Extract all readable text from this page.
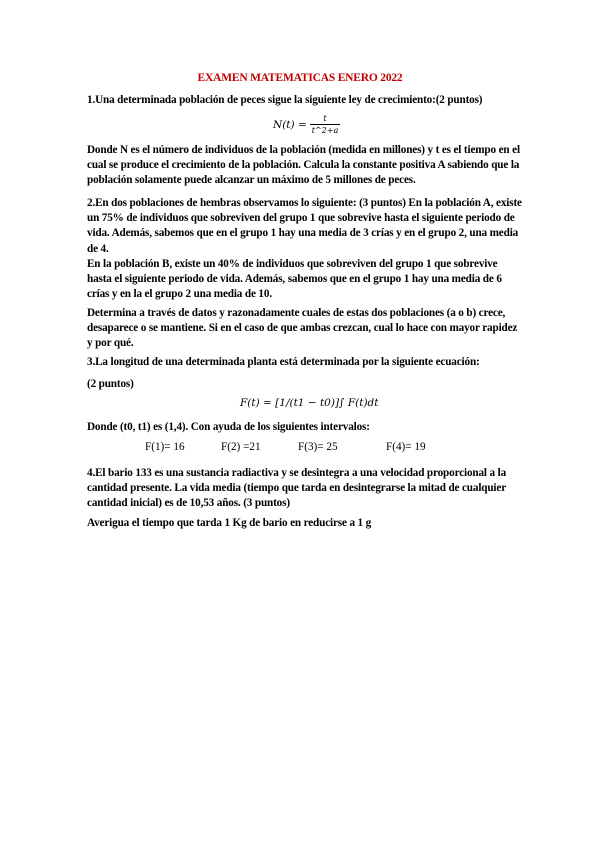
EXAMEN MATEMATICAS ENERO 2022
1.Una determinada población de peces sigue la siguiente ley de crecimiento:(2 puntos)
$N(t) = \frac{t}{t\^{}2+a}$
Donde N es el número de individuos de la población (medida en millones) y t es el tiempo en el cual se produce el crecimiento de la población. Calcula la constante positiva A sabiendo que la población solamente puede alcanzar un máximo de 5 millones de peces.
2.En dos poblaciones de hembras observamos lo siguiente: (3 puntos) En la población A, existe un 75% de individuos que sobreviven del grupo 1 que sobrevive hasta el siguiente periodo de vida. Además, sabemos que en el grupo 1 hay una media de 3 crías y en el grupo 2, una media de 4.
En la población B, existe un 40% de individuos que sobreviven del grupo 1 que sobrevive hasta el siguiente periodo de vida. Además, sabemos que en el grupo 1 hay una media de 6 crías y en la el grupo 2 una media de 10.
Determina a través de datos y razonadamente cuales de estas dos poblaciones (a o b) crece, desaparece o se mantiene. Si en el caso de que ambas crezcan, cual lo hace con mayor rapidez y por qué.
3.La longitud de una determinada planta está determinada por la siguiente ecuación:
(2 puntos)
F(t) = [1/(t1 − t0)]∫ F(t)dt
Donde (t0, t1) es (1,4). Con ayuda de los siguientes intervalos:
F(1)= 16	F(2) =21	F(3)= 25	F(4)= 19
4.El bario 133 es una sustancia radiactiva y se desintegra a una velocidad proporcional a la cantidad presente. La vida media (tiempo que tarda en desintegrarse la mitad de cualquier cantidad inicial) es de 10,53 años. (3 puntos)
Averigua el tiempo que tarda 1 Kg de bario en reducirse a 1 g
